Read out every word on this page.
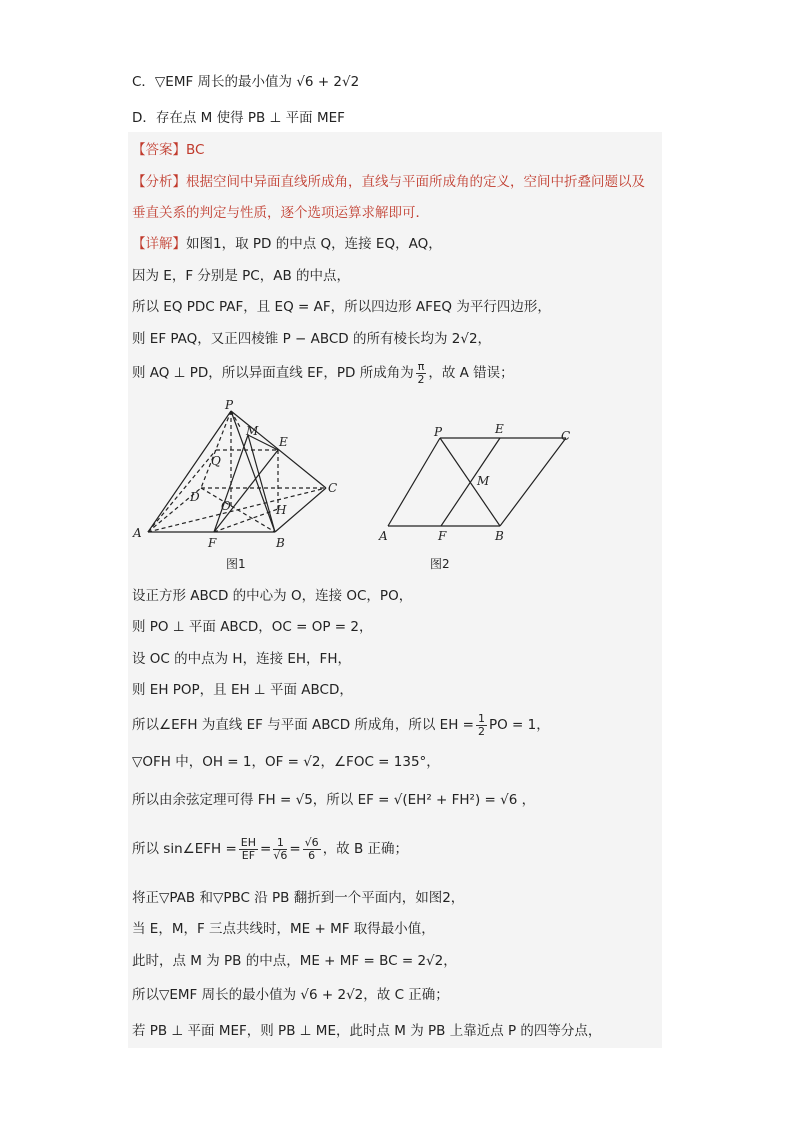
C．▽EMF 周长的最小值为 √6 + 2√2
D．存在点 M 使得 PB ⊥ 平面 MEF
【答案】BC
【分析】根据空间中异面直线所成角，直线与平面所成角的定义，空间中折叠问题以及
垂直关系的判定与性质，逐个选项运算求解即可．
【详解】如图1，取 PD 的中点 Q，连接 EQ，AQ，
因为 E，F 分别是 PC，AB 的中点，
所以 EQ PDC PAF，且 EQ = AF，所以四边形 AFEQ 为平行四边形，
则 EF PAQ，又正四棱锥 P − ABCD 的所有棱长均为 2√2，
则 AQ ⊥ PD，所以异面直线 EF，PD 所成角为 $\frac{\pi}{2}$ ，故 A 错误；
P
M
E
Q
D
C
O	H
A
F	B
图1
P	E	C
M
A	F	B
图2
设正方形 ABCD 的中心为 O，连接 OC，PO，
则 PO ⊥ 平面 ABCD，OC = OP = 2，
设 OC 的中点为 H，连接 EH，FH，
则 EH POP，且 EH ⊥ 平面 ABCD，
所以∠EFH 为直线 EF 与平面 ABCD 所成角，所以 EH = $\frac{1}{2}$ PO = 1，
▽OFH 中，OH = 1，OF = √2，∠FOC = 135°，
所以由余弦定理可得 FH = √5，所以 EF = √(EH² + FH²) = √6 ，
所以 sin∠EFH = $\frac{EH}{EF} = \frac{1}{√6} = \frac{√6}{6}$ ，故 B 正确；
将正▽PAB 和▽PBC 沿 PB 翻折到一个平面内，如图2，
当 E，M，F 三点共线时，ME + MF 取得最小值，
此时，点 M 为 PB 的中点，ME + MF = BC = 2√2，
所以▽EMF 周长的最小值为 √6 + 2√2，故 C 正确；
若 PB ⊥ 平面 MEF，则 PB ⊥ ME，此时点 M 为 PB 上靠近点 P 的四等分点，
